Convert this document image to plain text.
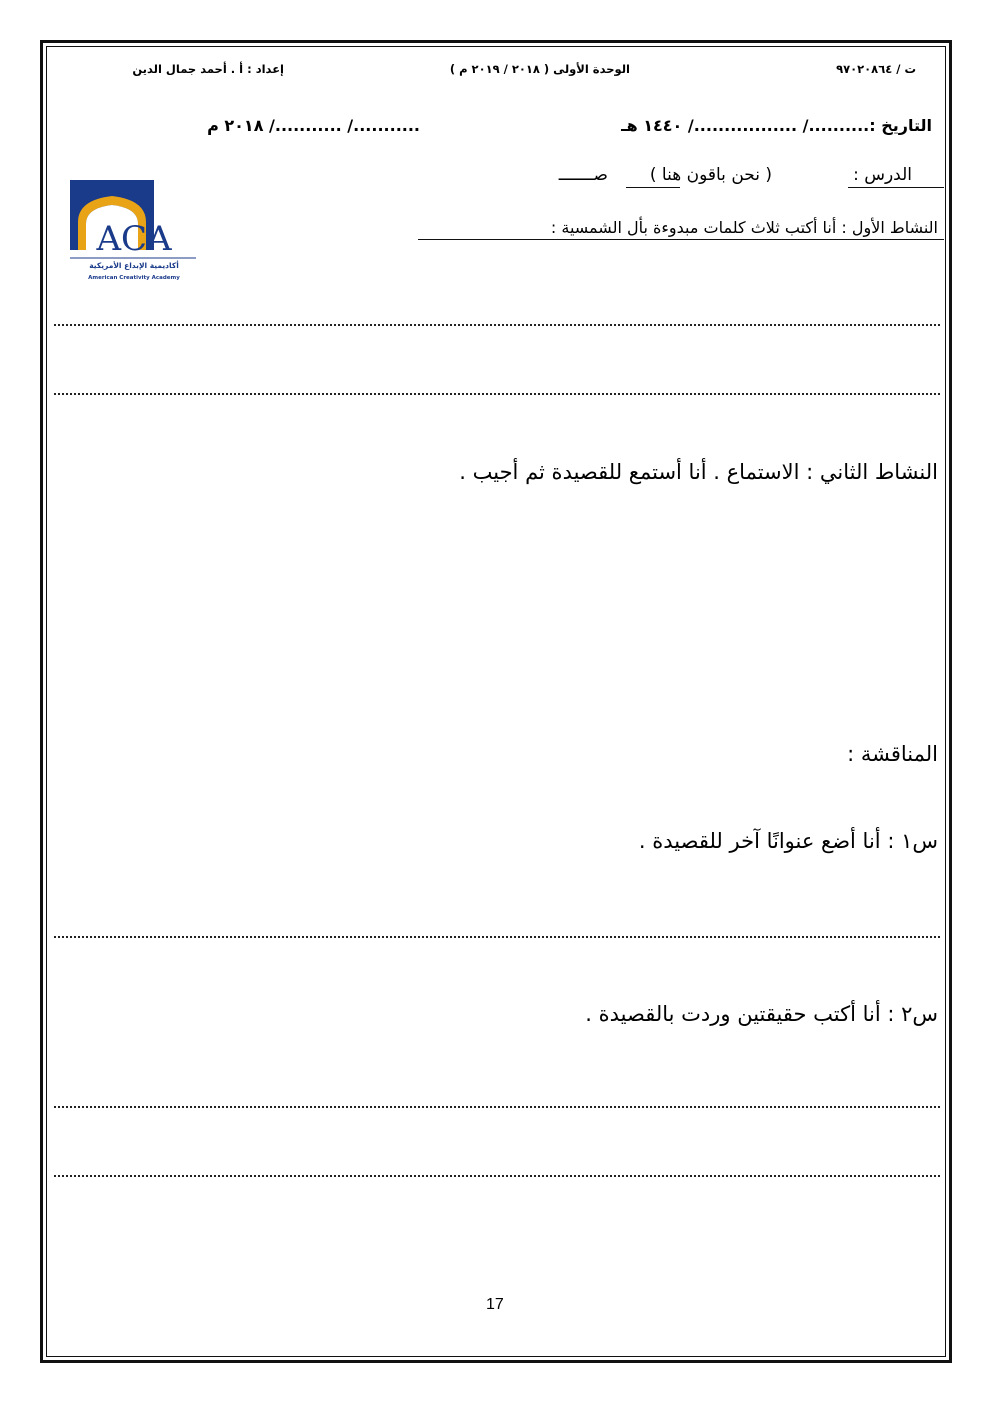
ت / ٩٧٠٢٠٨٦٤
الوحدة الأولى ( ٢٠١٨ / ٢٠١٩ م )
إعداد : أ . أحمد جمال الدين
التاريخ :........../ ................./ ١٤٤٠ هـ
.........../ .........../ ٢٠١٨ م
الدرس :
( نحن باقون هنا )
صـــــــ
النشاط الأول : أنا أكتب ثلاث كلمات مبدوءة بأل الشمسية :
ACA
أكاديمية الإبداع الأمريكية
American Creativity Academy
النشاط الثاني : الاستماع . أنا أستمع للقصيدة ثم أجيب .
المناقشة :
س١ : أنا أضع عنوانًا آخر للقصيدة .
س٢ : أنا أكتب حقيقتين وردت بالقصيدة .
17
